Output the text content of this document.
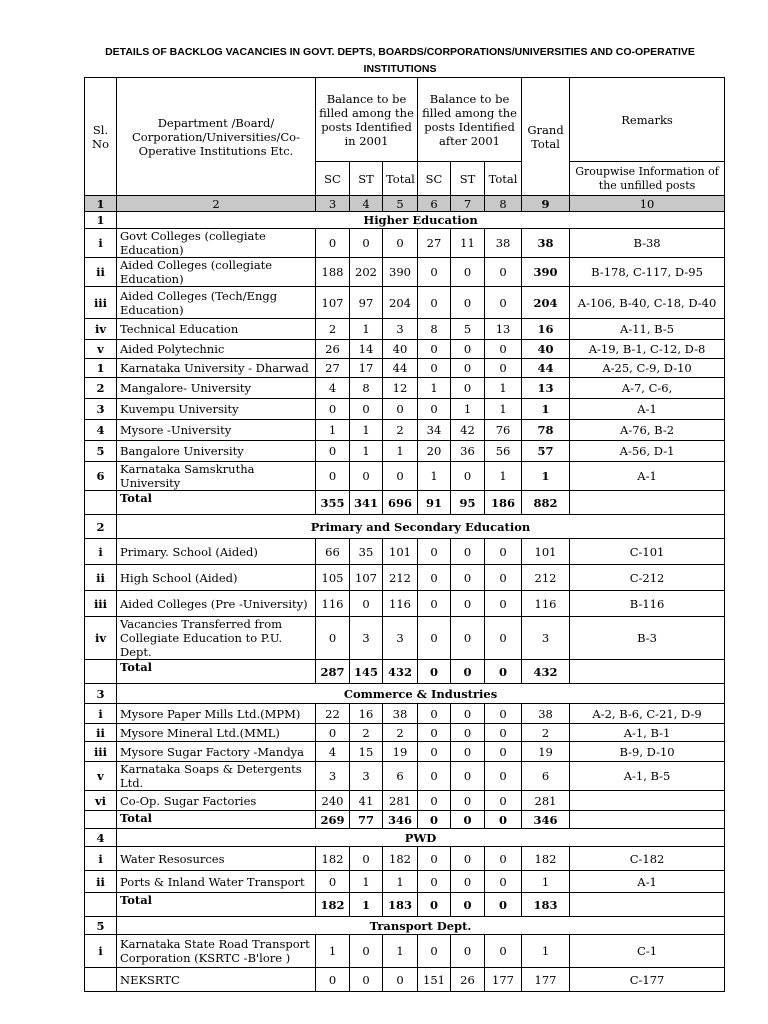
DETAILS OF BACKLOG VACANCIES IN GOVT. DEPTS, BOARDS/CORPORATIONS/UNIVERSITIES AND CO-OPERATIVE INSTITUTIONS
Sl. No	Department /Board/ Corporation/Universities/Co-Operative Institutions Etc.	Balance to be filled among the posts Identified in 2001			Balance to be filled among the posts Identified after 2001			Grand Total	Remarks
		SC	ST	Total	SC	ST	Total		Groupwise Information of the unfilled posts
1	2	3	4	5	6	7	8	9	10
1	Higher Education								
i	Govt Colleges (collegiate Education)	0	0	0	27	11	38	38	B-38
ii	Aided Colleges (collegiate Education)	188	202	390	0	0	0	390	B-178, C-117, D-95
iii	Aided Colleges (Tech/Engg Education)	107	97	204	0	0	0	204	A-106, B-40, C-18, D-40
iv	Technical Education	2	1	3	8	5	13	16	A-11, B-5
v	Aided Polytechnic	26	14	40	0	0	0	40	A-19, B-1, C-12, D-8
1	Karnataka University - Dharwad	27	17	44	0	0	0	44	A-25, C-9, D-10
2	Mangalore- University	4	8	12	1	0	1	13	A-7, C-6,
3	Kuvempu University	0	0	0	0	1	1	1	A-1
4	Mysore -University	1	1	2	34	42	76	78	A-76, B-2
5	Bangalore University	0	1	1	20	36	56	57	A-56, D-1
6	Karnataka Samskrutha University	0	0	0	1	0	1	1	A-1
	Total	355	341	696	91	95	186	882	
2	Primary and Secondary Education								
i	Primary. School (Aided)	66	35	101	0	0	0	101	C-101
ii	High School (Aided)	105	107	212	0	0	0	212	C-212
iii	Aided Colleges (Pre -University)	116	0	116	0	0	0	116	B-116
iv	Vacancies Transferred from Collegiate Education to P.U. Dept.	0	3	3	0	0	0	3	B-3
	Total	287	145	432	0	0	0	432	
3	Commerce & Industries								
i	Mysore Paper Mills Ltd.(MPM)	22	16	38	0	0	0	38	A-2, B-6, C-21, D-9
ii	Mysore Mineral Ltd.(MML)	0	2	2	0	0	0	2	A-1, B-1
iii	Mysore Sugar Factory -Mandya	4	15	19	0	0	0	19	B-9, D-10
v	Karnataka Soaps & Detergents Ltd.	3	3	6	0	0	0	6	A-1, B-5
vi	Co-Op. Sugar Factories	240	41	281	0	0	0	281	
	Total	269	77	346	0	0	0	346	
4	PWD								
i	Water Resosurces	182	0	182	0	0	0	182	C-182
ii	Ports & Inland Water Transport	0	1	1	0	0	0	1	A-1
	Total	182	1	183	0	0	0	183	
5	Transport Dept.								
i	Karnataka State Road Transport Corporation (KSRTC -B'lore )	1	0	1	0	0	0	1	C-1
	NEKSRTC	0	0	0	151	26	177	177	C-177
